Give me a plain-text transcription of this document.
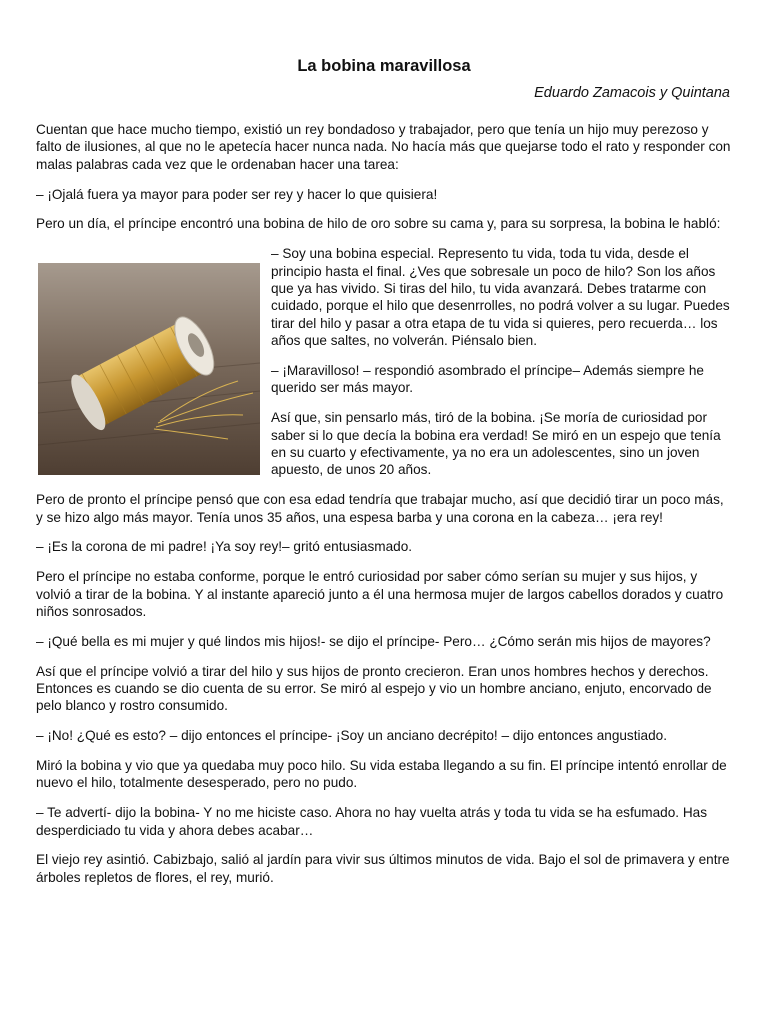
La bobina maravillosa
Eduardo Zamacois y Quintana

Cuentan que hace mucho tiempo, existió un rey bondadoso y trabajador, pero que tenía un hijo muy perezoso y falto de ilusiones, al que no le apetecía hacer nunca nada. No hacía más que quejarse todo el rato y responder con malas palabras cada vez que le ordenaban hacer una tarea:

– ¡Ojalá fuera ya mayor para poder ser rey y hacer lo que quisiera!

Pero un día, el príncipe encontró una bobina de hilo de oro sobre su cama y, para su sorpresa, la bobina le habló:

– Soy una bobina especial. Represento tu vida, toda tu vida, desde el principio hasta el final. ¿Ves que sobresale un poco de hilo? Son los años que ya has vivido. Si tiras del hilo, tu vida avanzará. Debes tratarme con cuidado, porque el hilo que desenrrolles, no podrá volver a su lugar. Puedes tirar del hilo y pasar a otra etapa de tu vida si quieres, pero recuerda… los años que saltes, no volverán. Piénsalo bien.

– ¡Maravilloso! – respondió asombrado el príncipe– Además siempre he querido ser más mayor.

Así que, sin pensarlo más, tiró de la bobina. ¡Se moría de curiosidad por saber si lo que decía la bobina era verdad! Se miró en un espejo que tenía en su cuarto y efectivamente, ya no era un adolescentes, sino un joven apuesto, de unos 20 años.

Pero de pronto el príncipe pensó que con esa edad tendría que trabajar mucho, así que decidió tirar un poco más, y se hizo algo más mayor. Tenía unos 35 años, una espesa barba y una corona en la cabeza… ¡era rey!

– ¡Es la corona de mi padre! ¡Ya soy rey!– gritó entusiasmado.

Pero el príncipe no estaba conforme, porque le entró curiosidad por saber cómo serían su mujer y sus hijos, y volvió a tirar de la bobina. Y al instante apareció junto a él una hermosa mujer de largos cabellos dorados y cuatro niños sonrosados.

– ¡Qué bella es mi mujer y qué lindos mis hijos!- se dijo el príncipe- Pero… ¿Cómo serán mis hijos de mayores?

Así que el príncipe volvió a tirar del hilo y sus hijos de pronto crecieron. Eran unos hombres hechos y derechos. Entonces es cuando se dio cuenta de su error. Se miró al espejo y vio un hombre anciano, enjuto, encorvado de pelo blanco y rostro consumido.

– ¡No! ¿Qué es esto? – dijo entonces el príncipe- ¡Soy un anciano decrépito! – dijo entonces angustiado.

Miró la bobina y vio que ya quedaba muy poco hilo. Su vida estaba llegando a su fin. El príncipe intentó enrollar de nuevo el hilo, totalmente desesperado, pero no pudo.

– Te advertí- dijo la bobina- Y no me hiciste caso. Ahora no hay vuelta atrás y toda tu vida se ha esfumado. Has desperdiciado tu vida y ahora debes acabar…

El viejo rey asintió. Cabizbajo, salió al jardín para vivir sus últimos minutos de vida. Bajo el sol de primavera y entre árboles repletos de flores, el rey, murió.
